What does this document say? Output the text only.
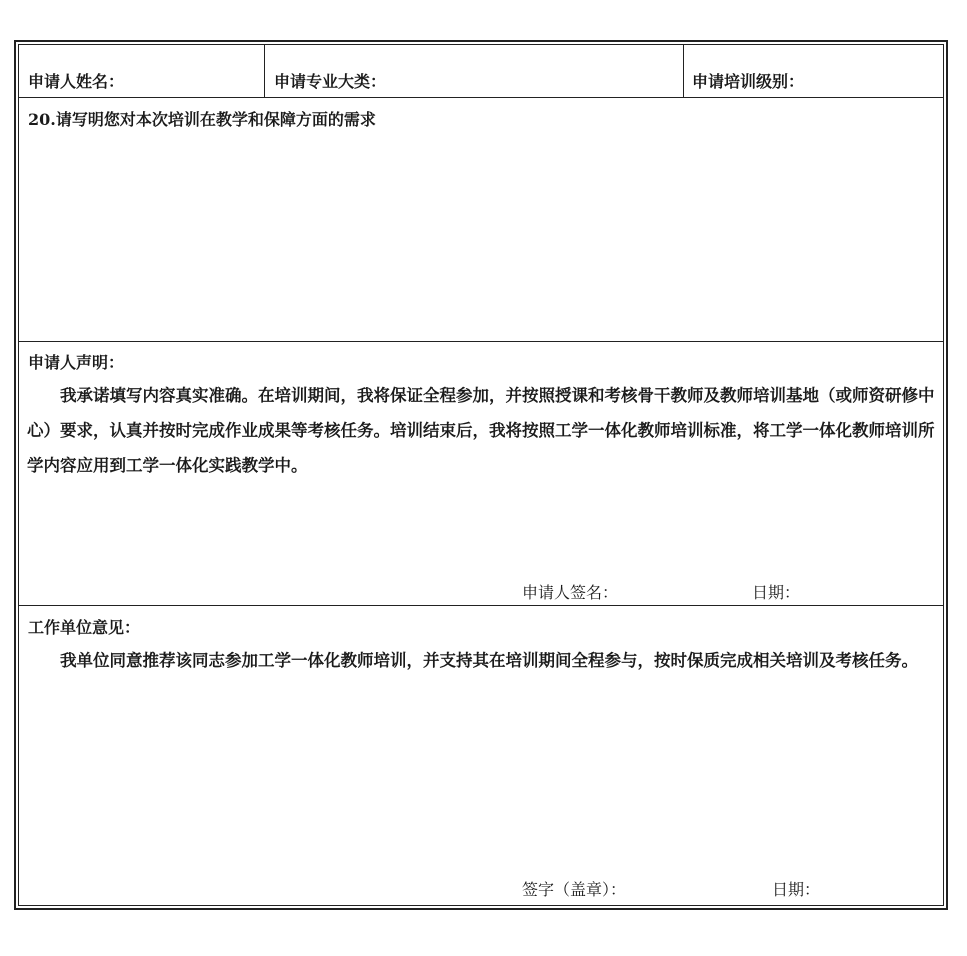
申请人姓名：	申请专业大类：	申请培训级别：
20.请写明您对本次培训在教学和保障方面的需求
申请人声明：
我承诺填写内容真实准确。在培训期间，我将保证全程参加，并按照授课和考核骨干教师及教师培训基地（或师资研修中心）要求，认真并按时完成作业成果等考核任务。培训结束后，我将按照工学一体化教师培训标准，将工学一体化教师培训所学内容应用到工学一体化实践教学中。
申请人签名：	日期：
工作单位意见：
我单位同意推荐该同志参加工学一体化教师培训，并支持其在培训期间全程参与，按时保质完成相关培训及考核任务。
签字（盖章）：	日期：
